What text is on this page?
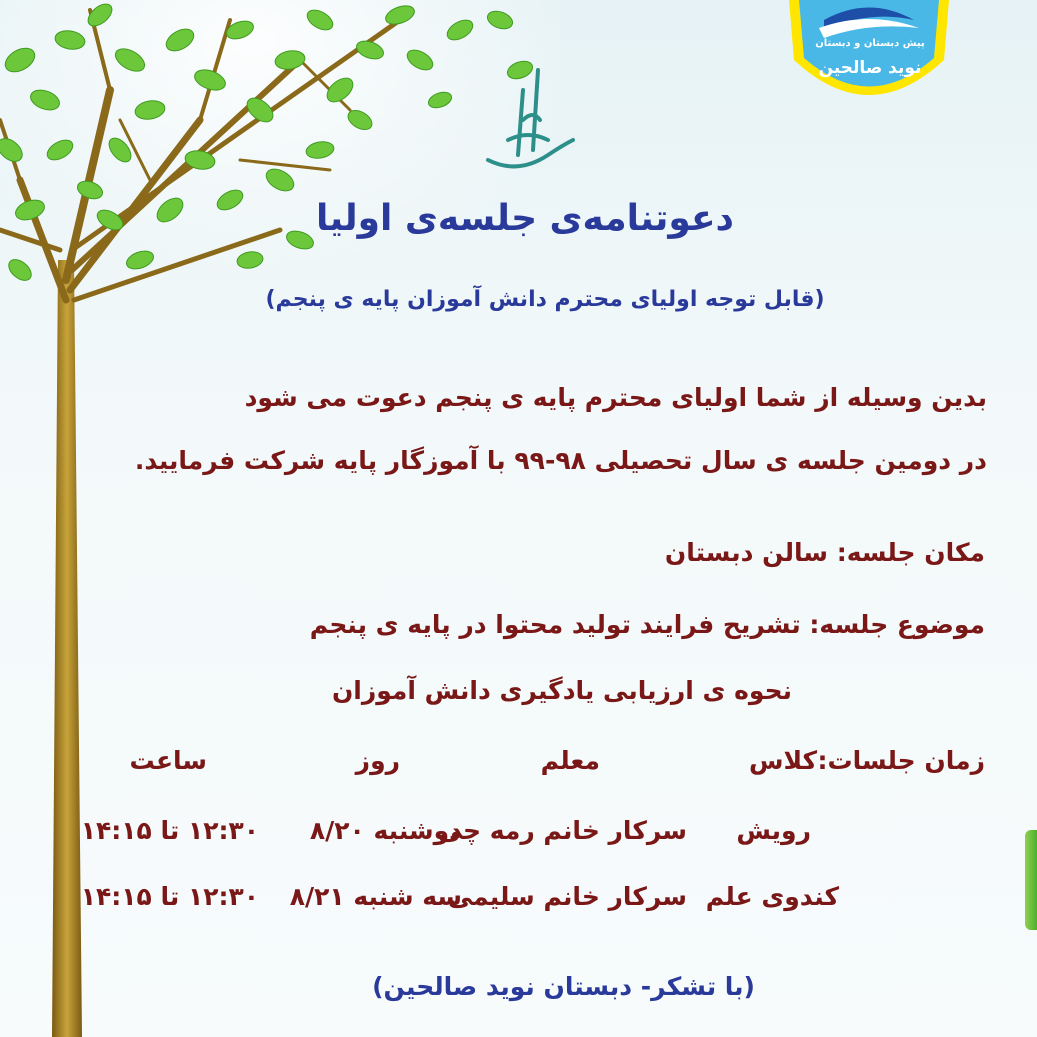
پیش دبستان و دبستان
نوید صالحین
دعوتنامه‌ی جلسه‌ی اولیا
(قابل توجه اولیای محترم دانش آموزان پایه ی پنجم)
بدین وسیله از شما اولیای محترم پایه ی پنجم دعوت می شود
در دومین جلسه ی سال تحصیلی ۹۸-۹۹ با آموزگار پایه شرکت فرمایید.
مکان جلسه: سالن دبستان
موضوع جلسه: تشریح فرایند تولید محتوا در پایه ی پنجم
نحوه ی ارزیابی یادگیری دانش آموزان
زمان جلسات:
کلاس
معلم
روز
ساعت
رویش
سرکار خانم رمه چی
دوشنبه ۸/۲۰
۱۲:۳۰ تا ۱۴:۱۵
کندوی علم
سرکار خانم سلیمی
سه شنبه ۸/۲۱
۱۲:۳۰ تا ۱۴:۱۵
(با تشکر- دبستان نوید صالحین)
